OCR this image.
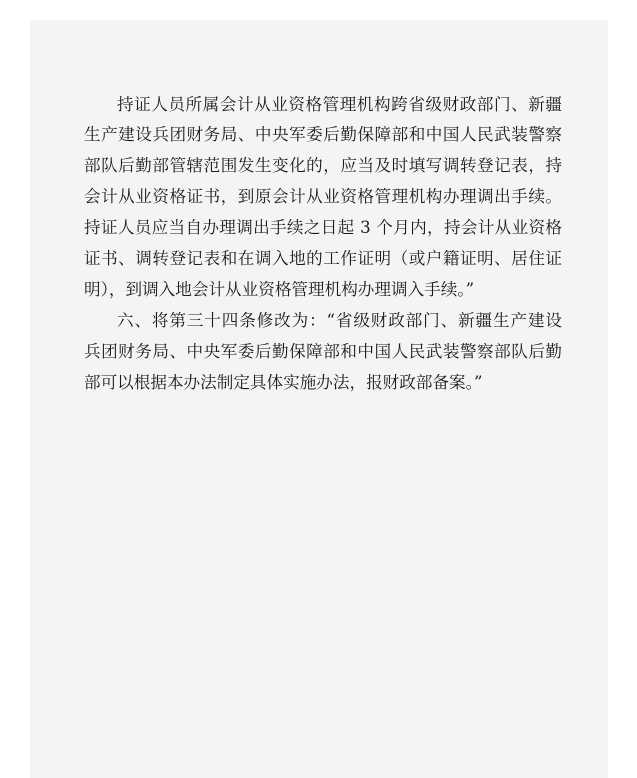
持证人员所属会计从业资格管理机构跨省级财政部门、新疆
生产建设兵团财务局、中央军委后勤保障部和中国人民武装警察
部队后勤部管辖范围发生变化的，应当及时填写调转登记表，持
会计从业资格证书，到原会计从业资格管理机构办理调出手续。
持证人员应当自办理调出手续之日起 3 个月内，持会计从业资格
证书、调转登记表和在调入地的工作证明（或户籍证明、居住证
明），到调入地会计从业资格管理机构办理调入手续。”
六、将第三十四条修改为：“省级财政部门、新疆生产建设
兵团财务局、中央军委后勤保障部和中国人民武装警察部队后勤
部可以根据本办法制定具体实施办法，报财政部备案。”
